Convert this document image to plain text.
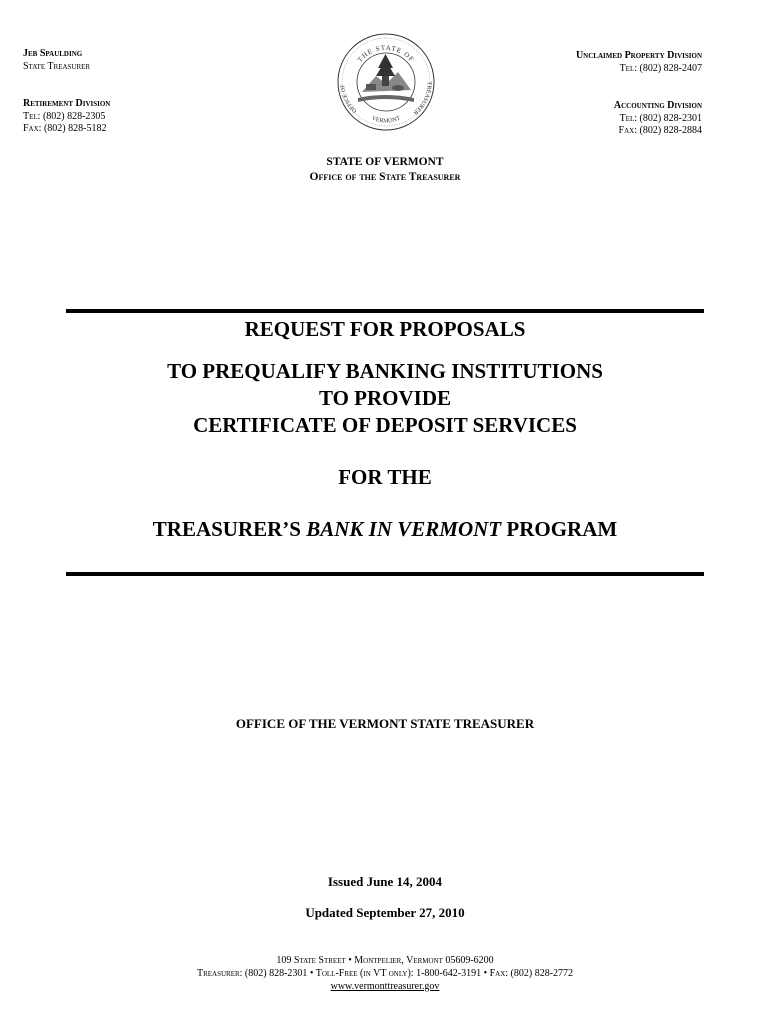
Jeb Spaulding
State Treasurer
Retirement Division
Tel: (802) 828-2305
Fax: (802) 828-5182
Unclaimed Property Division
Tel: (802) 828-2407
Accounting Division
Tel: (802) 828-2301
Fax: (802) 828-2884
THE STATE OF
OFFICE OF
TREASURER
VERMONT
STATE OF VERMONT
Office of the State Treasurer
REQUEST FOR PROPOSALS
TO PREQUALIFY BANKING INSTITUTIONS
TO PROVIDE
CERTIFICATE OF DEPOSIT SERVICES
FOR THE
TREASURER’S BANK IN VERMONT PROGRAM
OFFICE OF THE VERMONT STATE TREASURER
Issued June 14, 2004
Updated September 27, 2010
109 State Street • Montpelier, Vermont 05609-6200
Treasurer: (802) 828-2301 • Toll-Free (in VT only): 1-800-642-3191 • Fax: (802) 828-2772
www.vermonttreasurer.gov
